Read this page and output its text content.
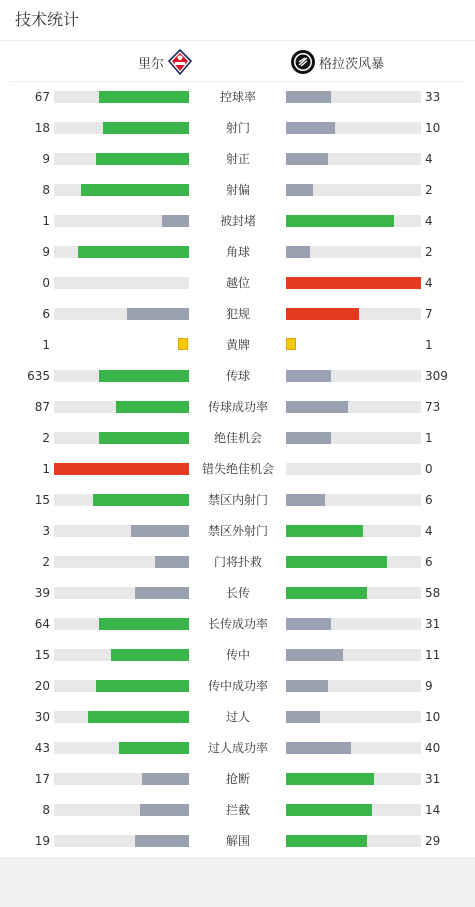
技术统计
里尔	格拉茨风暴
67	控球率	33
18	射门	10
9	射正	4
8	射偏	2
1	被封堵	4
9	角球	2
0	越位	4
6	犯规	7
1	黄牌	1
635	传球	309
87	传球成功率	73
2	绝佳机会	1
1	错失绝佳机会	0
15	禁区内射门	6
3	禁区外射门	4
2	门将扑救	6
39	长传	58
64	长传成功率	31
15	传中	11
20	传中成功率	9
30	过人	10
43	过人成功率	40
17	抢断	31
8	拦截	14
19	解围	29
